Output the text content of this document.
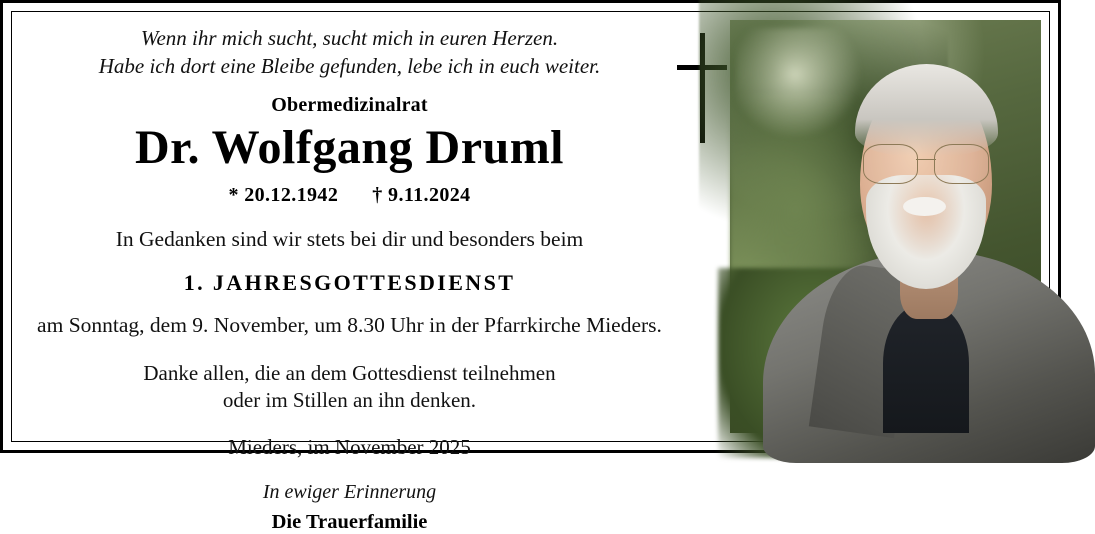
Wenn ihr mich sucht, sucht mich in euren Herzen.
Habe ich dort eine Bleibe gefunden, lebe ich in euch weiter.
Obermedizinalrat
Dr. Wolfgang Druml
* 20.12.1942 † 9.11.2024
In Gedanken sind wir stets bei dir und besonders beim
1. JAHRESGOTTESDIENST
am Sonntag, dem 9. November, um 8.30 Uhr in der Pfarrkirche Mieders.
Danke allen, die an dem Gottesdienst teilnehmen
oder im Stillen an ihn denken.
Mieders, im November 2025
In ewiger Erinnerung
Die Trauerfamilie
